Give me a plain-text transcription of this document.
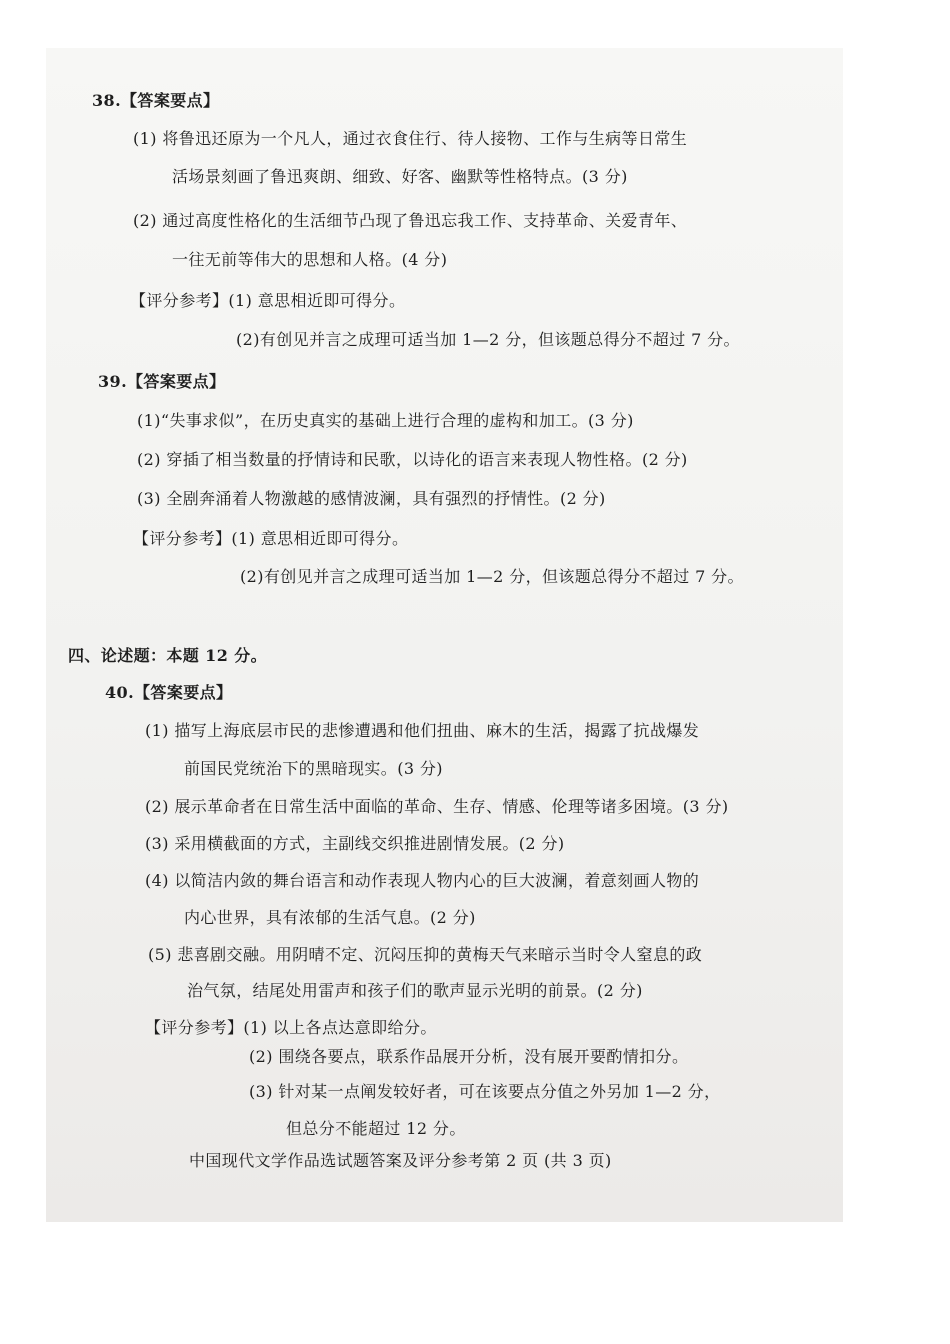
38.【答案要点】
(1) 将鲁迅还原为一个凡人，通过衣食住行、待人接物、工作与生病等日常生
活场景刻画了鲁迅爽朗、细致、好客、幽默等性格特点。(3 分)
(2) 通过高度性格化的生活细节凸现了鲁迅忘我工作、支持革命、关爱青年、
一往无前等伟大的思想和人格。(4 分)
【评分参考】(1) 意思相近即可得分。
(2)有创见并言之成理可适当加 1—2 分，但该题总得分不超过 7 分。
39.【答案要点】
(1)“失事求似”，在历史真实的基础上进行合理的虚构和加工。(3 分)
(2) 穿插了相当数量的抒情诗和民歌，以诗化的语言来表现人物性格。(2 分)
(3) 全剧奔涌着人物激越的感情波澜，具有强烈的抒情性。(2 分)
【评分参考】(1) 意思相近即可得分。
(2)有创见并言之成理可适当加 1—2 分，但该题总得分不超过 7 分。
四、论述题：本题 12 分。
40.【答案要点】
(1) 描写上海底层市民的悲惨遭遇和他们扭曲、麻木的生活，揭露了抗战爆发
前国民党统治下的黑暗现实。(3 分)
(2) 展示革命者在日常生活中面临的革命、生存、情感、伦理等诸多困境。(3 分)
(3) 采用横截面的方式，主副线交织推进剧情发展。(2 分)
(4) 以简洁内敛的舞台语言和动作表现人物内心的巨大波澜，着意刻画人物的
内心世界，具有浓郁的生活气息。(2 分)
(5) 悲喜剧交融。用阴晴不定、沉闷压抑的黄梅天气来暗示当时令人窒息的政
治气氛，结尾处用雷声和孩子们的歌声显示光明的前景。(2 分)
【评分参考】(1) 以上各点达意即给分。
(2) 围绕各要点，联系作品展开分析，没有展开要酌情扣分。
(3) 针对某一点阐发较好者，可在该要点分值之外另加 1—2 分，
但总分不能超过 12 分。
中国现代文学作品选试题答案及评分参考第 2 页 (共 3 页)
